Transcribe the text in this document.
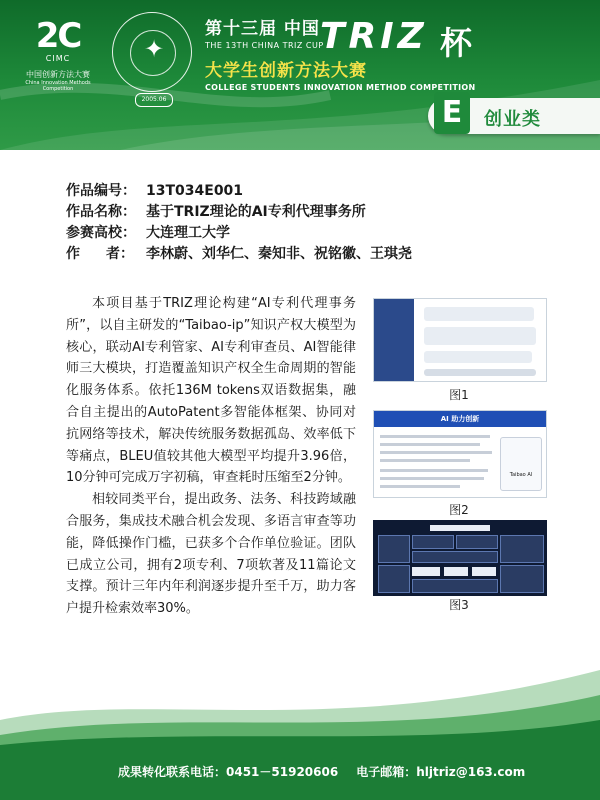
2C
CIMC
中国创新方法大赛
China Innovation Methods Competition
✦
2005.06
第十三届 中国
THE 13TH CHINA TRIZ CUP
大学生创新方法大赛
COLLEGE STUDENTS INNOVATION METHOD COMPETITION
TRIZ 杯
E	创业类
作品编号： 13T034E001
作品名称： 基于TRIZ理论的AI专利代理事务所
参赛高校： 大连理工大学
作 者： 李林蔚、刘华仁、秦知非、祝铭徽、王琪尧

本项目基于TRIZ理论构建“AI专利代理事务所”，以自主研发的“Taibao-ip”知识产权大模型为核心，联动AI专利管家、AI专利审查员、AI智能律师三大模块，打造覆盖知识产权全生命周期的智能化服务体系。依托136M tokens双语数据集，融合自主提出的AutoPatent多智能体框架、协同对抗网络等技术，解决传统服务数据孤岛、效率低下等痛点，BLEU值较其他大模型平均提升3.96倍，10分钟可完成万字初稿，审查耗时压缩至2分钟。

相较同类平台，提出政务、法务、科技跨域融合服务，集成技术融合机会发现、多语言审查等功能，降低操作门槛，已获多个合作单位验证。团队已成立公司，拥有2项专利、7项软著及11篇论文支撑。预计三年内年利润逐步提升至千万，助力客户提升检索效率30%。

图1
AI 助力创新
Taibao AI
图2
图3
成果转化联系电话：0451－51920606 电子邮箱：hljtriz@163.com
